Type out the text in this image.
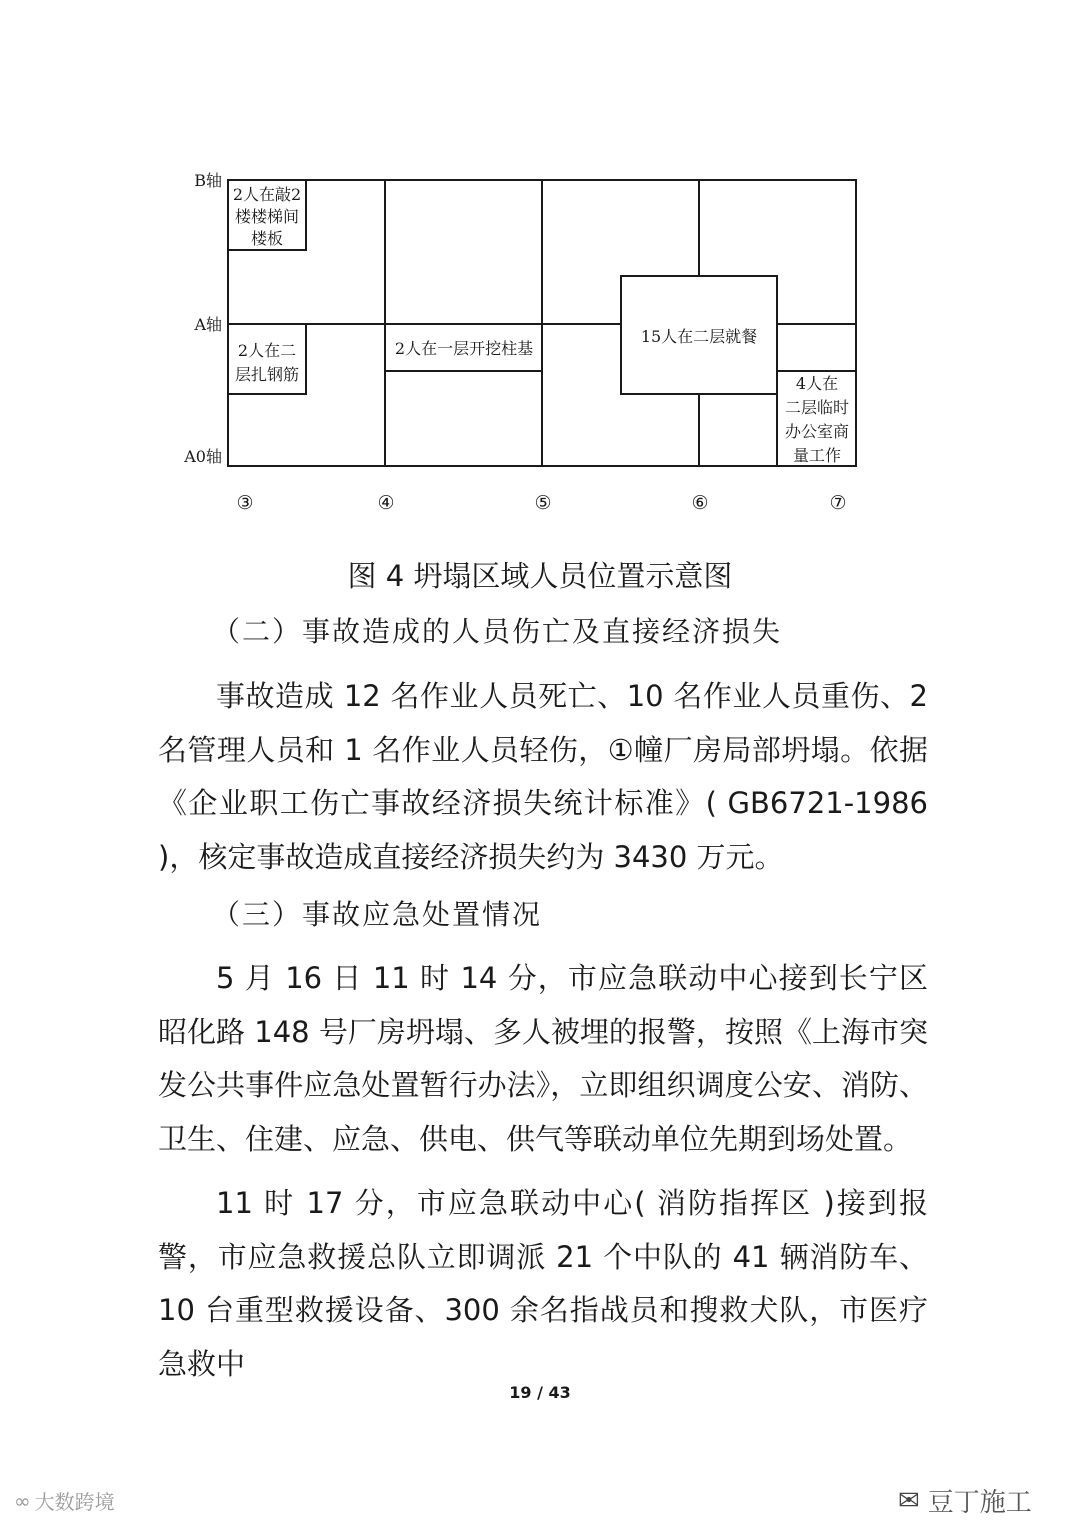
B轴
A轴
A0轴
2人在敲2
楼楼梯间
楼板
2人在二
层扎钢筋
2人在一层开挖柱基
15人在二层就餐
4人在
二层临时
办公室商
量工作
③	④	⑤	⑥	⑦
图 4 坍塌区域人员位置示意图
（二）事故造成的人员伤亡及直接经济损失

事故造成 12 名作业人员死亡、10 名作业人员重伤、2 名管理人员和 1 名作业人员轻伤，①幢厂房局部坍塌。依据《企业职工伤亡事故经济损失统计标准》( GB6721-1986 )，核定事故造成直接经济损失约为 3430 万元。

（三）事故应急处置情况

5 月 16 日 11 时 14 分，市应急联动中心接到长宁区昭化路 148 号厂房坍塌、多人被埋的报警，按照《上海市突发公共事件应急处置暂行办法》，立即组织调度公安、消防、卫生、住建、应急、供电、供气等联动单位先期到场处置。

11 时 17 分，市应急联动中心( 消防指挥区 )接到报警，市应急救援总队立即调派 21 个中队的 41 辆消防车、10 台重型救援设备、300 余名指战员和搜救犬队，市医疗急救中

19 / 43
∞ 大数跨境	✉ 豆丁施工
